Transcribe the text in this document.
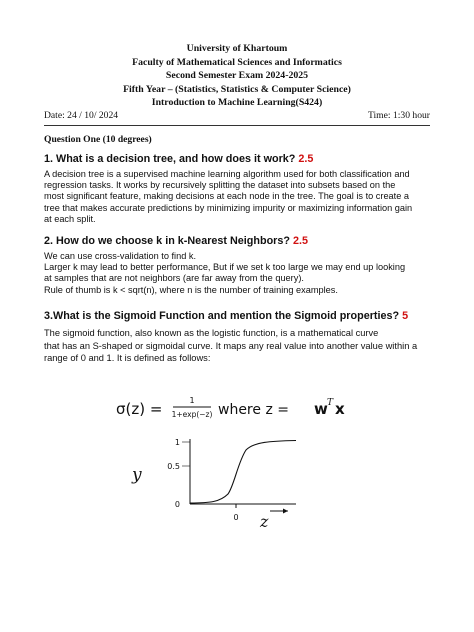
University of Khartoum
Faculty of Mathematical Sciences and Informatics
Second Semester Exam 2024-2025
Fifth Year – (Statistics, Statistics & Computer Science)
Introduction to Machine Learning(S424)
Date: 24 / 10/ 2024	Time: 1:30 hour
Question One (10 degrees)
1. What is a decision tree, and how does it work? 2.5
A decision tree is a supervised machine learning algorithm used for both classification and
regression tasks. It works by recursively splitting the dataset into subsets based on the
most significant feature, making decisions at each node in the tree. The goal is to create a
tree that makes accurate predictions by minimizing impurity or maximizing information gain
at each split.
2. How do we choose k in k-Nearest Neighbors? 2.5
We can use cross-validation to find k.
Larger k may lead to better performance, But if we set k too large we may end up looking
at samples that are not neighbors (are far away from the query).
Rule of thumb is k < sqrt(n), where n is the number of training examples.
3.What is the Sigmoid Function and mention the Sigmoid properties? 5
The sigmoid function, also known as the logistic function, is a mathematical curve
that has an S-shaped or sigmoidal curve. It maps any real value into another value within a
range of 0 and 1. It is defined as follows:
σ(z) =	1
1+exp(−z) where z = w T x
1
0.5
0
0
y
z
